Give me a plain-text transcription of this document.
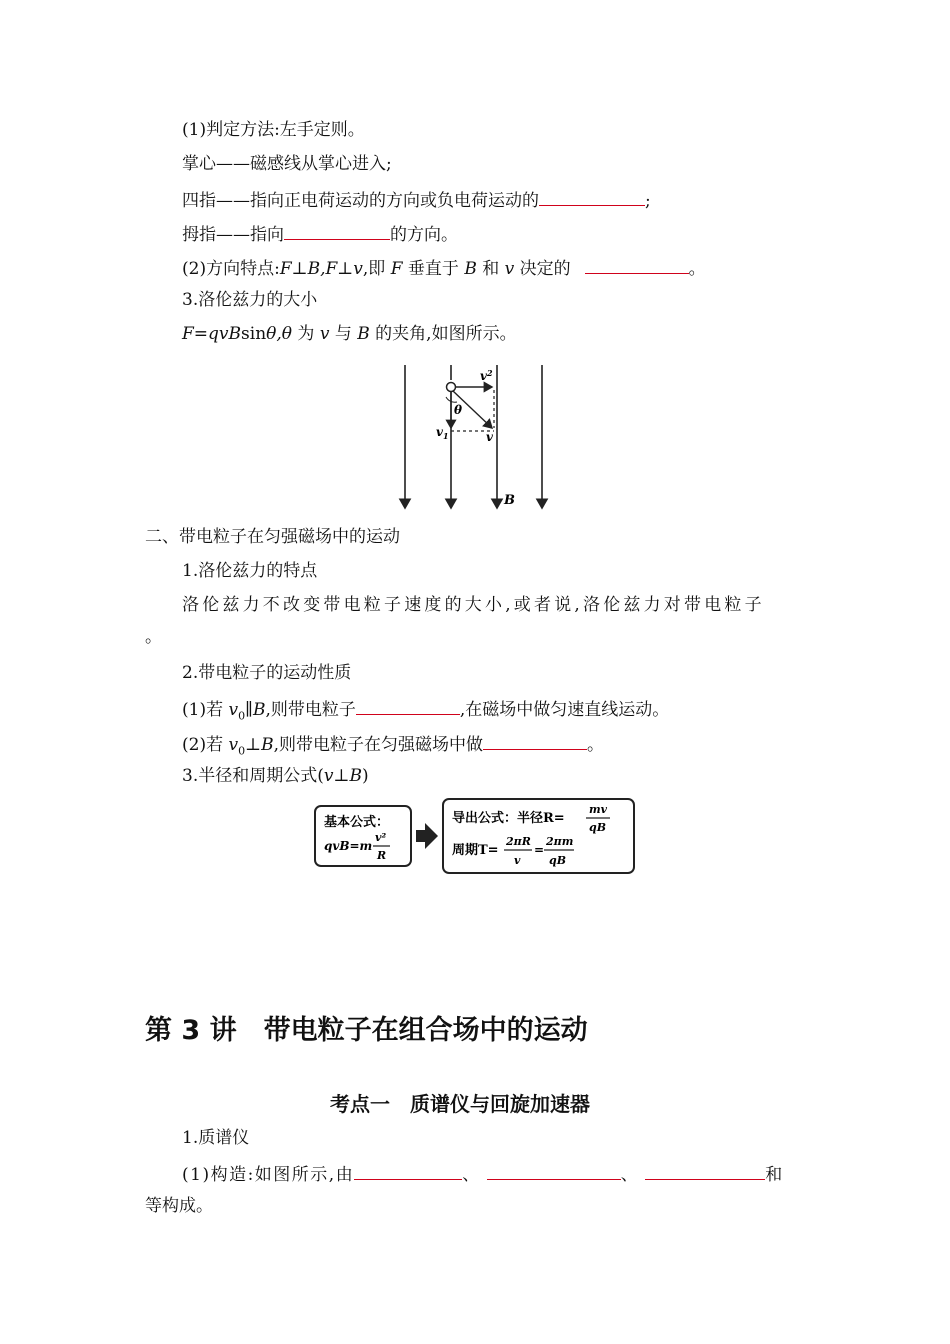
(1)判定方法:左手定则。
掌心——磁感线从掌心进入;
四指——指向正电荷运动的方向或负电荷运动的	;
拇指——指向	的方向。
(2)方向特点:F⊥B,F⊥v,即 F 垂直于 B 和 v 决定的	。
3.洛伦兹力的大小
F=qvBsinθ,θ 为 v 与 B 的夹角,如图所示。
$v^2$
θ
$v_1$	v
B
二、带电粒子在匀强磁场中的运动
1.洛伦兹力的特点
洛伦兹力不改变带电粒子速度的大小,或者说,洛伦兹力对带电粒子
。
2.带电粒子的运动性质
(1)若 $v_0\parallel B$,则带电粒子	,在磁场中做匀速直线运动。
(2)若 $v_0\perp B$,则带电粒子在匀强磁场中做	。
3.半径和周期公式(v⊥B)
基本公式：
qvB=m
v²
R
导出公式：半径R=
mv
qB
周期T=
2πR
v
=
2πm
qB
第 3 讲　带电粒子在组合场中的运动
考点一　质谱仪与回旋加速器
1.质谱仪
(1)构造:如图所示,由	、	、	和
等构成。
